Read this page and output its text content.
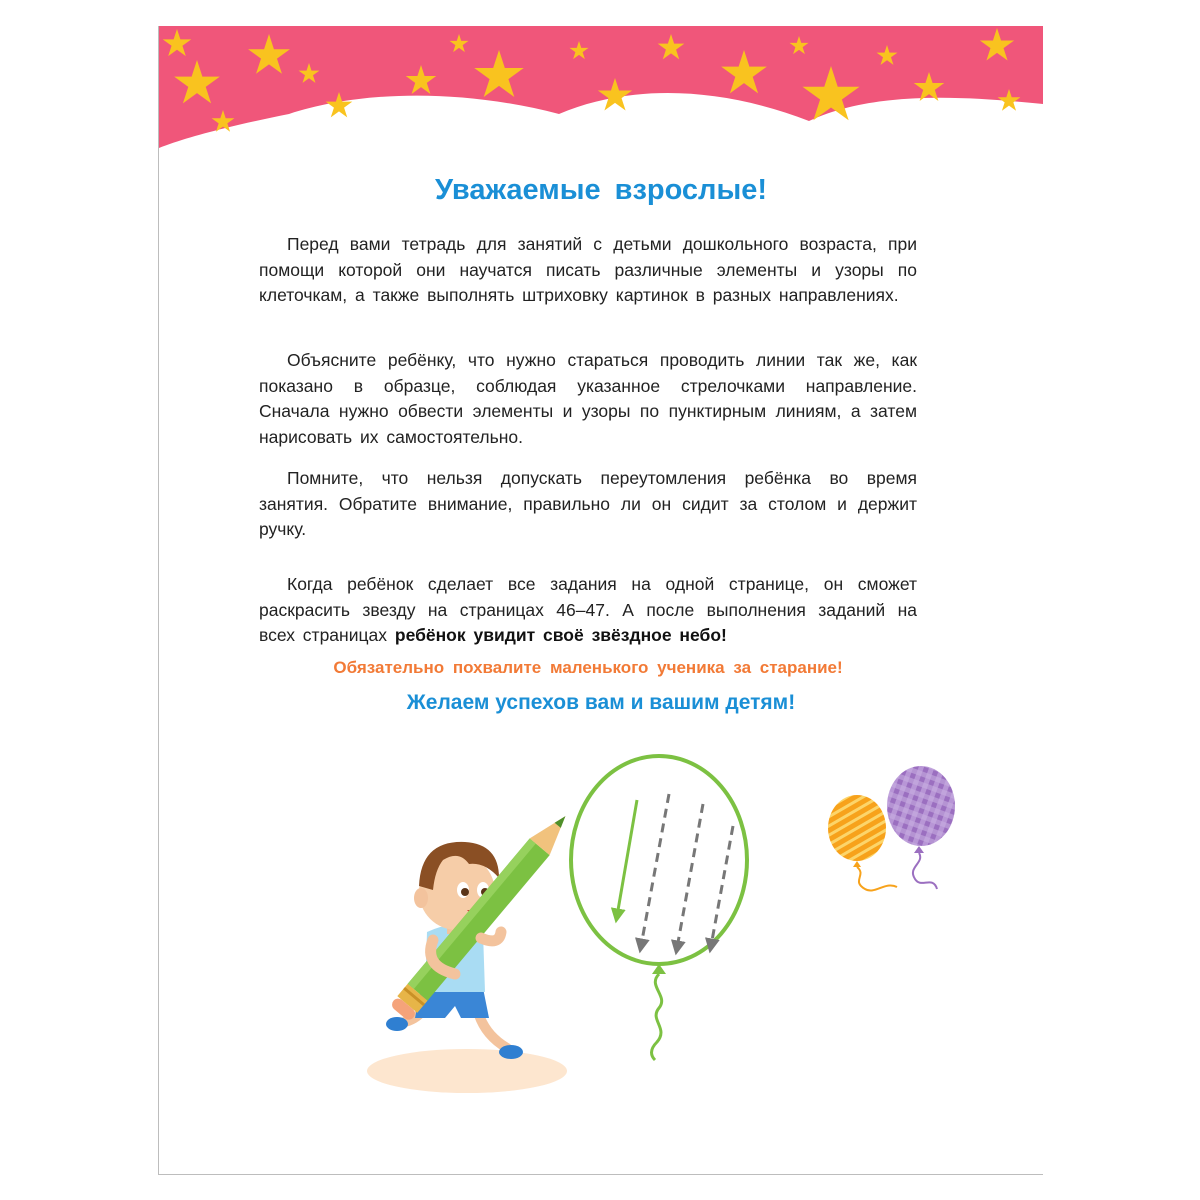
Уважаемые взрослые!

Перед вами тетрадь для занятий с детьми дошкольного возраста, при помощи которой они научатся писать различные элементы и узоры по клеточкам, а также выполнять штриховку картинок в разных направлениях.

Объясните ребёнку, что нужно стараться проводить линии так же, как показано в образце, соблюдая указанное стрелочками направление. Сначала нужно обвести элементы и узоры по пунктирным линиям, а затем нарисовать их самостоятельно.

Помните, что нельзя допускать переутомления ребёнка во время занятия. Обратите внимание, правильно ли он сидит за столом и держит ручку.

Когда ребёнок сделает все задания на одной странице, он сможет раскрасить звезду на страницах 46–47. А после выполнения заданий на всех страницах ребёнок увидит своё звёздное небо!

Обязательно похвалите маленького ученика за старание!

Желаем успехов вам и вашим детям!
